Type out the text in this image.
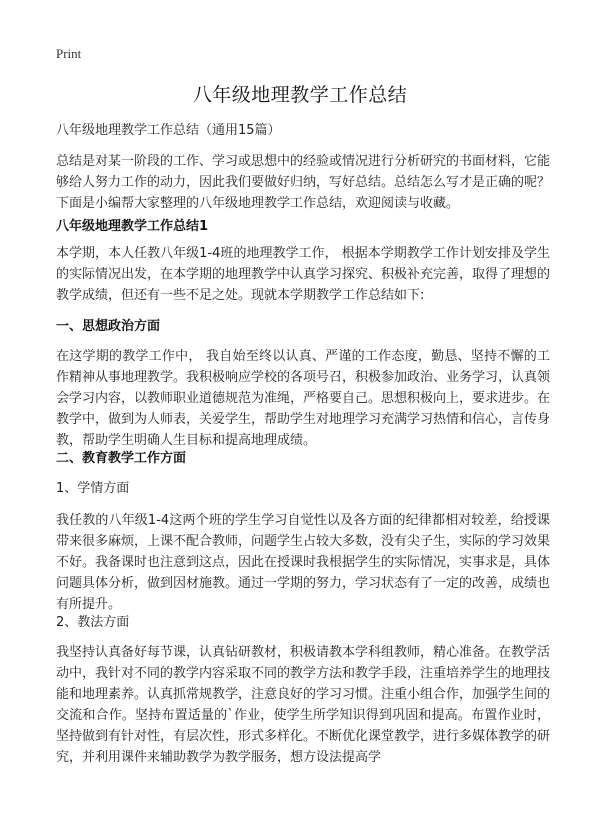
Print
八年级地理教学工作总结
八年级地理教学工作总结（通用15篇）
总结是对某一阶段的工作、学习或思想中的经验或情况进行分析研究的书面材料，它能够给人努力工作的动力，因此我们要做好归纳，写好总结。总结怎么写才是正确的呢？下面是小编帮大家整理的八年级地理教学工作总结，欢迎阅读与收藏。
八年级地理教学工作总结1
本学期，本人任教八年级1-4班的地理教学工作， 根据本学期教学工作计划安排及学生的实际情况出发，在本学期的地理教学中认真学习探究、积极补充完善，取得了理想的教学成绩，但还有一些不足之处。现就本学期教学工作总结如下:
一、思想政治方面
在这学期的教学工作中， 我自始至终以认真、严谨的工作态度，勤恳、坚持不懈的工作精神从事地理教学。我积极响应学校的各项号召，积极参加政治、业务学习，认真领会学习内容，以教师职业道德规范为准绳，严格要自己。思想积极向上，要求进步。在教学中，做到为人师表，关爱学生，帮助学生对地理学习充满学习热情和信心，言传身教，帮助学生明确人生目标和提高地理成绩。
二、教育教学工作方面
1、学情方面
我任教的八年级1-4这两个班的学生学习自觉性以及各方面的纪律都相对较差，给授课带来很多麻烦，上课不配合教师，问题学生占较大多数，没有尖子生，实际的学习效果不好。我备课时也注意到这点，因此在授课时我根据学生的实际情况，实事求是，具体问题具体分析，做到因材施教。通过一学期的努力，学习状态有了一定的改善，成绩也有所提升。
2、教法方面
我坚持认真备好每节课，认真钻研教材，积极请教本学科组教师，精心准备。在教学活动中，我针对不同的教学内容采取不同的教学方法和教学手段，注重培养学生的地理技能和地理素养。认真抓常规教学，注意良好的学习习惯。注重小组合作，加强学生间的交流和合作。坚持布置适量的`作业，使学生所学知识得到巩固和提高。布置作业时，坚持做到有针对性，有层次性，形式多样化。不断优化课堂教学，进行多媒体教学的研究，并利用课件来辅助教学为教学服务，想方设法提高学
